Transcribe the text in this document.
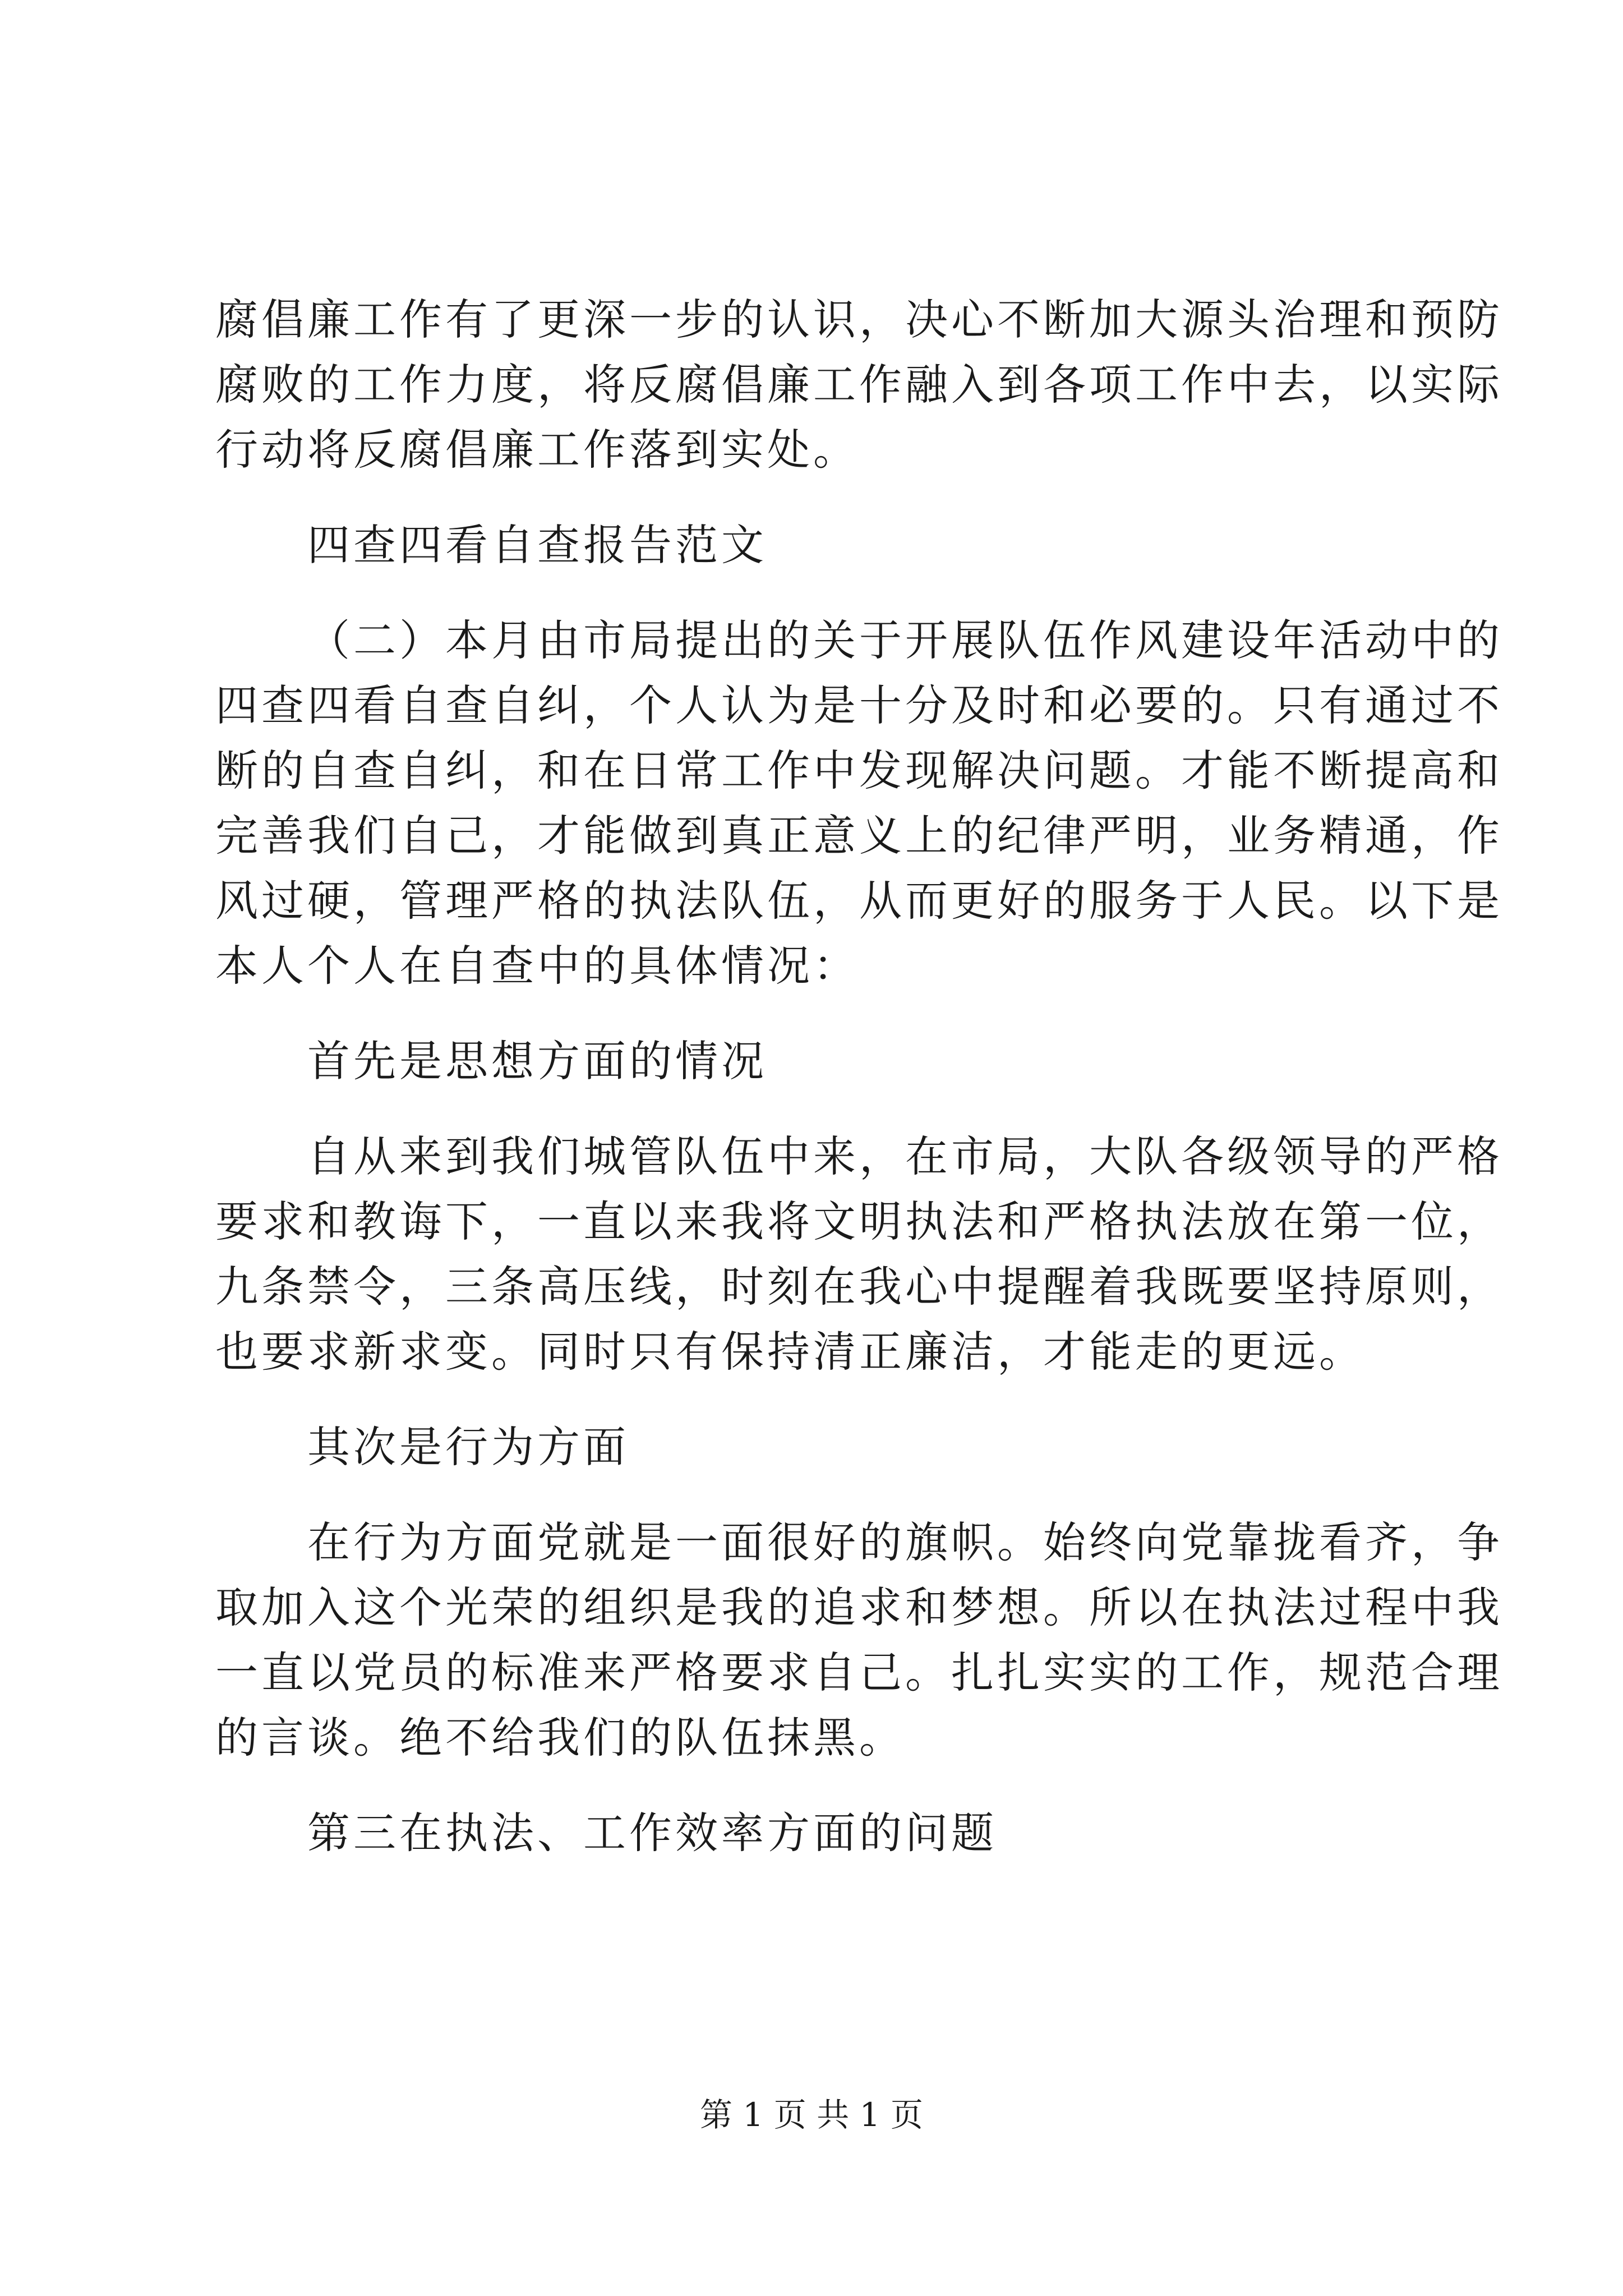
腐倡廉工作有了更深一步的认识，决心不断加大源头治理和预防
腐败的工作力度，将反腐倡廉工作融入到各项工作中去，以实际
行动将反腐倡廉工作落到实处。
四查四看自查报告范文
（二）本月由市局提出的关于开展队伍作风建设年活动中的
四查四看自查自纠，个人认为是十分及时和必要的。只有通过不
断的自查自纠，和在日常工作中发现解决问题。才能不断提高和
完善我们自己，才能做到真正意义上的纪律严明，业务精通，作
风过硬，管理严格的执法队伍，从而更好的服务于人民。以下是
本人个人在自查中的具体情况：
首先是思想方面的情况
自从来到我们城管队伍中来，在市局，大队各级领导的严格
要求和教诲下，一直以来我将文明执法和严格执法放在第一位，
九条禁令，三条高压线，时刻在我心中提醒着我既要坚持原则，
也要求新求变。同时只有保持清正廉洁，才能走的更远。
其次是行为方面
在行为方面党就是一面很好的旗帜。始终向党靠拢看齐，争
取加入这个光荣的组织是我的追求和梦想。所以在执法过程中我
一直以党员的标准来严格要求自己。扎扎实实的工作，规范合理
的言谈。绝不给我们的队伍抹黑。
第三在执法、工作效率方面的问题
第 1 页 共 1 页
